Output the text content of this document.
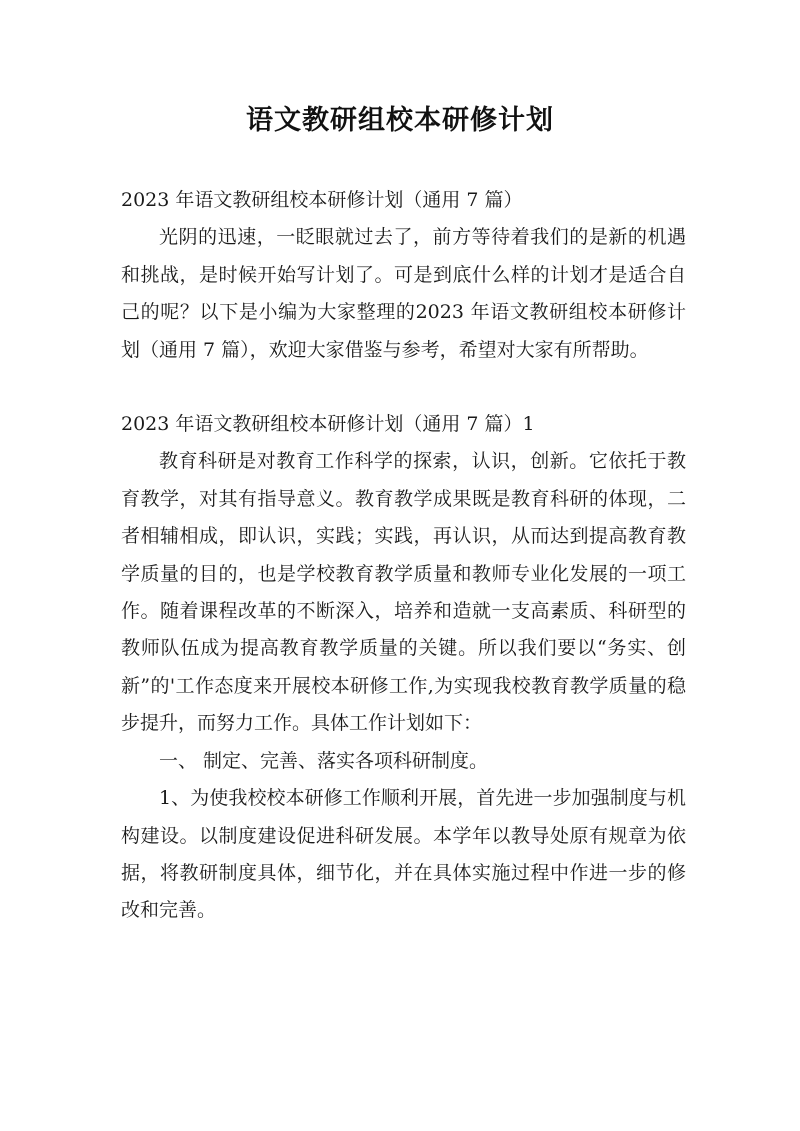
语文教研组校本研修计划

2023 年语文教研组校本研修计划（通用 7 篇）

光阴的迅速，一眨眼就过去了，前方等待着我们的是新的机遇和挑战，是时候开始写计划了。可是到底什么样的计划才是适合自己的呢？以下是小编为大家整理的2023 年语文教研组校本研修计划（通用 7 篇），欢迎大家借鉴与参考，希望对大家有所帮助。

2023 年语文教研组校本研修计划（通用 7 篇）1

教育科研是对教育工作科学的探索，认识，创新。它依托于教育教学，对其有指导意义。教育教学成果既是教育科研的体现，二者相辅相成，即认识，实践；实践，再认识，从而达到提高教育教学质量的目的，也是学校教育教学质量和教师专业化发展的一项工作。随着课程改革的不断深入，培养和造就一支高素质、科研型的教师队伍成为提高教育教学质量的关键。所以我们要以“务实、创新”的'工作态度来开展校本研修工作,为实现我校教育教学质量的稳步提升，而努力工作。具体工作计划如下：

一、 制定、完善、落实各项科研制度。

1、为使我校校本研修工作顺利开展，首先进一步加强制度与机构建设。以制度建设促进科研发展。本学年以教导处原有规章为依据，将教研制度具体，细节化，并在具体实施过程中作进一步的修改和完善。
